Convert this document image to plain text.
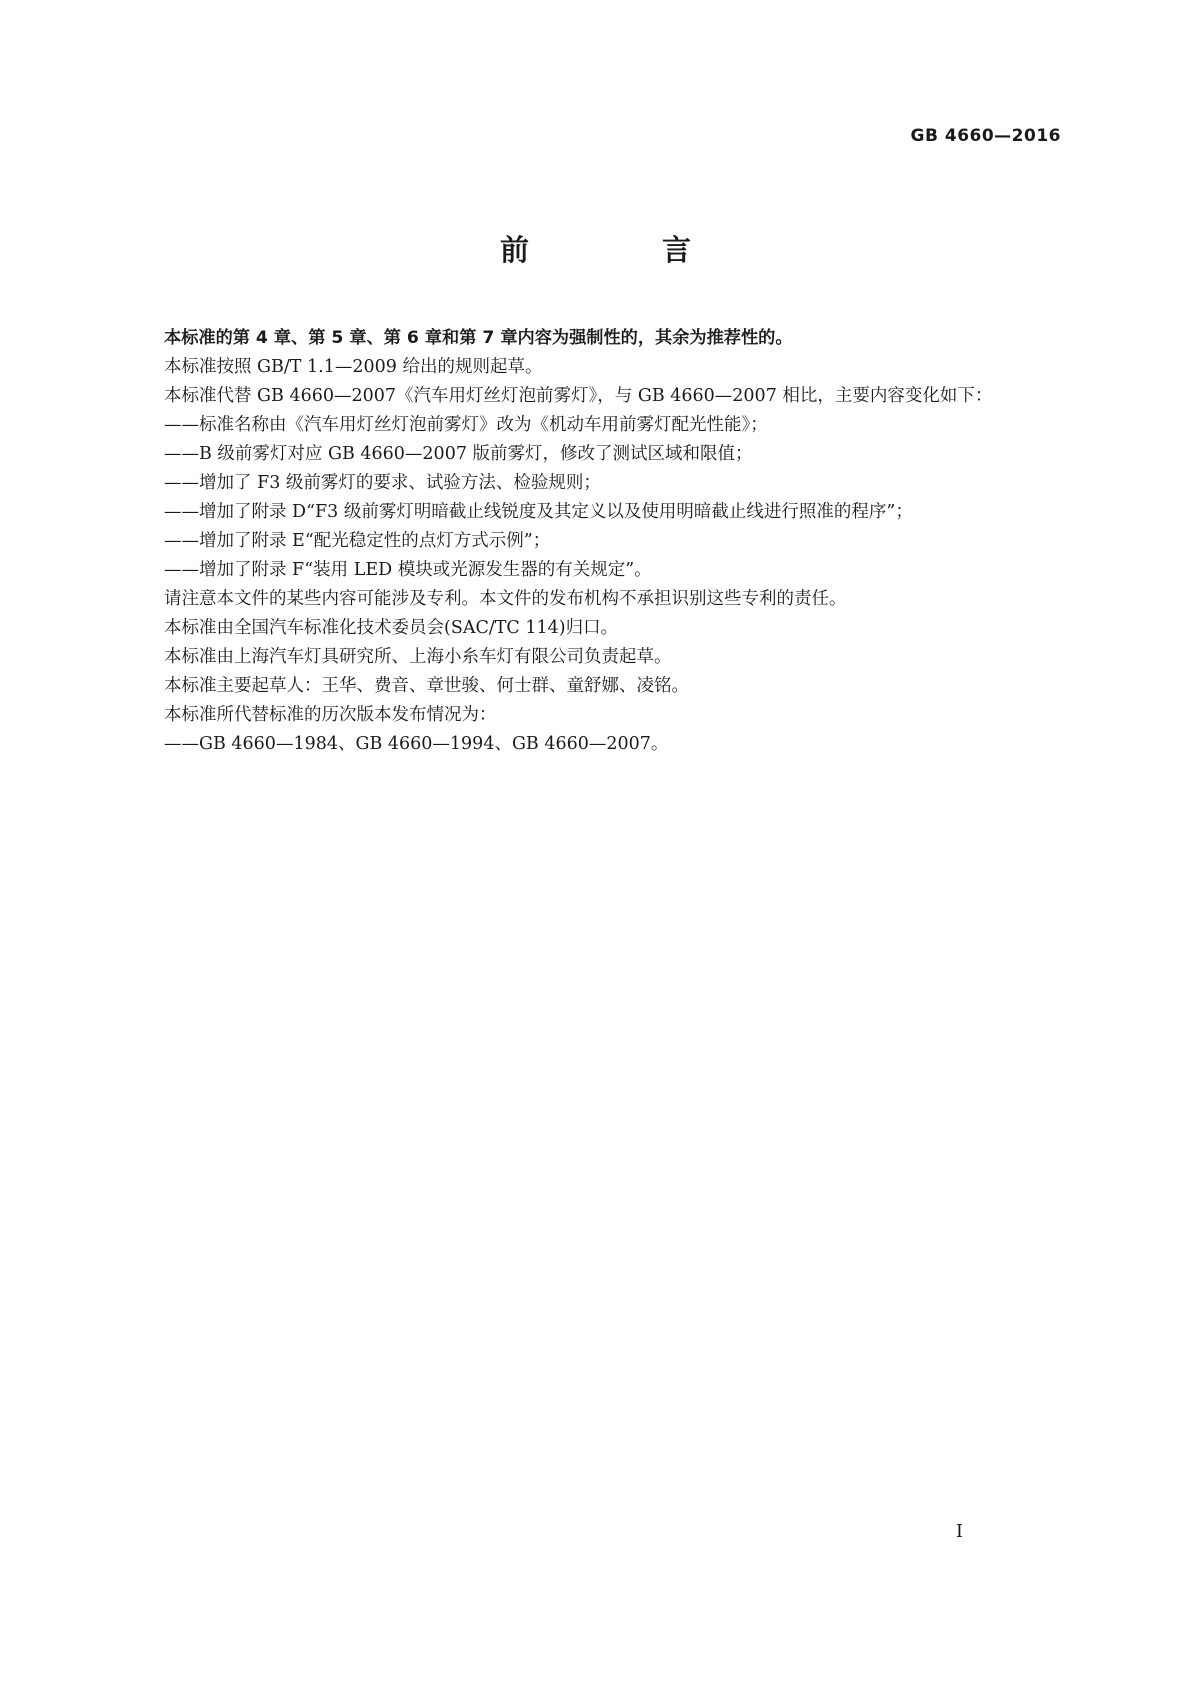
GB 4660—2016
前　言

本标准的第 4 章、第 5 章、第 6 章和第 7 章内容为强制性的，其余为推荐性的。

本标准按照 GB/T 1.1—2009 给出的规则起草。

本标准代替 GB 4660—2007《汽车用灯丝灯泡前雾灯》，与 GB 4660—2007 相比，主要内容变化如下：

——标准名称由《汽车用灯丝灯泡前雾灯》改为《机动车用前雾灯配光性能》；

——B 级前雾灯对应 GB 4660—2007 版前雾灯，修改了测试区域和限值；

——增加了 F3 级前雾灯的要求、试验方法、检验规则；

——增加了附录 D“F3 级前雾灯明暗截止线锐度及其定义以及使用明暗截止线进行照准的程序”；

——增加了附录 E“配光稳定性的点灯方式示例”；

——增加了附录 F“装用 LED 模块或光源发生器的有关规定”。

请注意本文件的某些内容可能涉及专利。本文件的发布机构不承担识别这些专利的责任。

本标准由全国汽车标准化技术委员会(SAC/TC 114)归口。

本标准由上海汽车灯具研究所、上海小糸车灯有限公司负责起草。

本标准主要起草人：王华、费音、章世骏、何士群、童舒娜、凌铭。

本标准所代替标准的历次版本发布情况为：

——GB 4660—1984、GB 4660—1994、GB 4660—2007。

I
